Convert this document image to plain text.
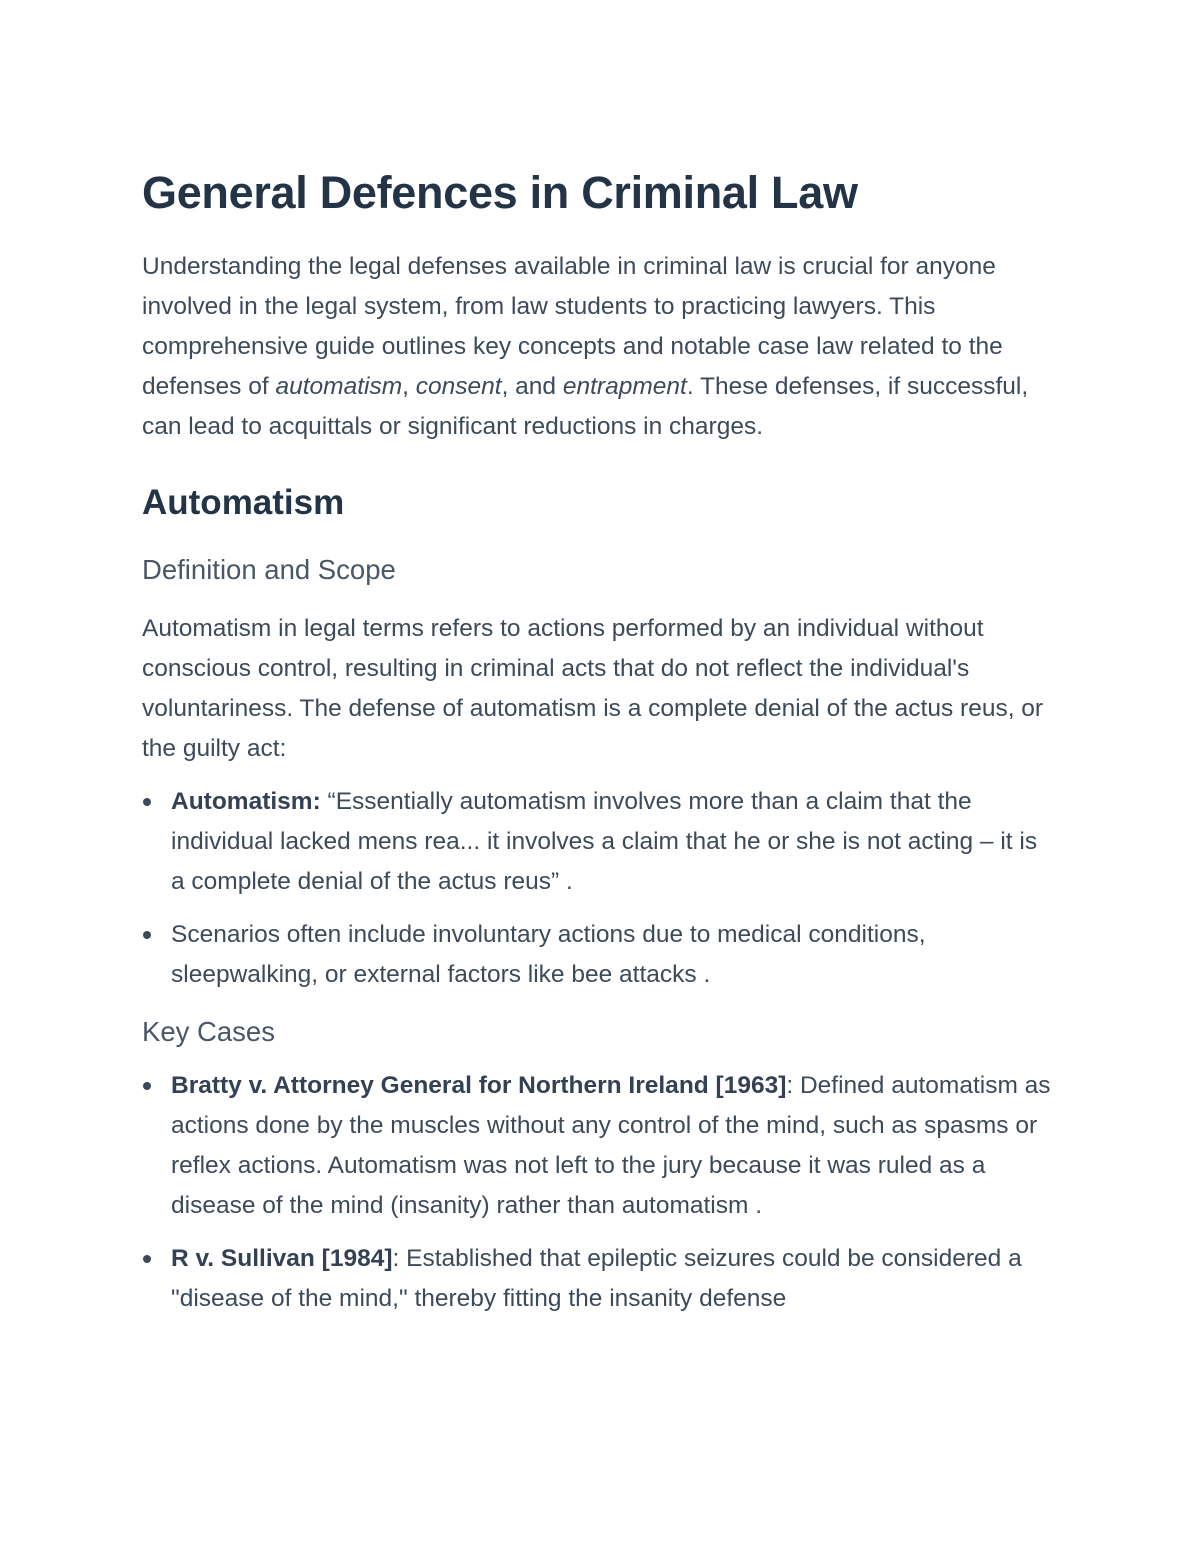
General Defences in Criminal Law

Understanding the legal defenses available in criminal law is crucial for anyone involved in the legal system, from law students to practicing lawyers. This comprehensive guide outlines key concepts and notable case law related to the defenses of automatism, consent, and entrapment. These defenses, if successful, can lead to acquittals or significant reductions in charges.

Automatism
Definition and Scope

Automatism in legal terms refers to actions performed by an individual without conscious control, resulting in criminal acts that do not reflect the individual's voluntariness. The defense of automatism is a complete denial of the actus reus, or the guilty act:

Automatism: “Essentially automatism involves more than a claim that the individual lacked mens rea... it involves a claim that he or she is not acting – it is a complete denial of the actus reus” .
Scenarios often include involuntary actions due to medical conditions, sleepwalking, or external factors like bee attacks .
Key Cases
Bratty v. Attorney General for Northern Ireland [1963]: Defined automatism as actions done by the muscles without any control of the mind, such as spasms or reflex actions. Automatism was not left to the jury because it was ruled as a disease of the mind (insanity) rather than automatism .
R v. Sullivan [1984]: Established that epileptic seizures could be considered a "disease of the mind," thereby fitting the insanity defense
